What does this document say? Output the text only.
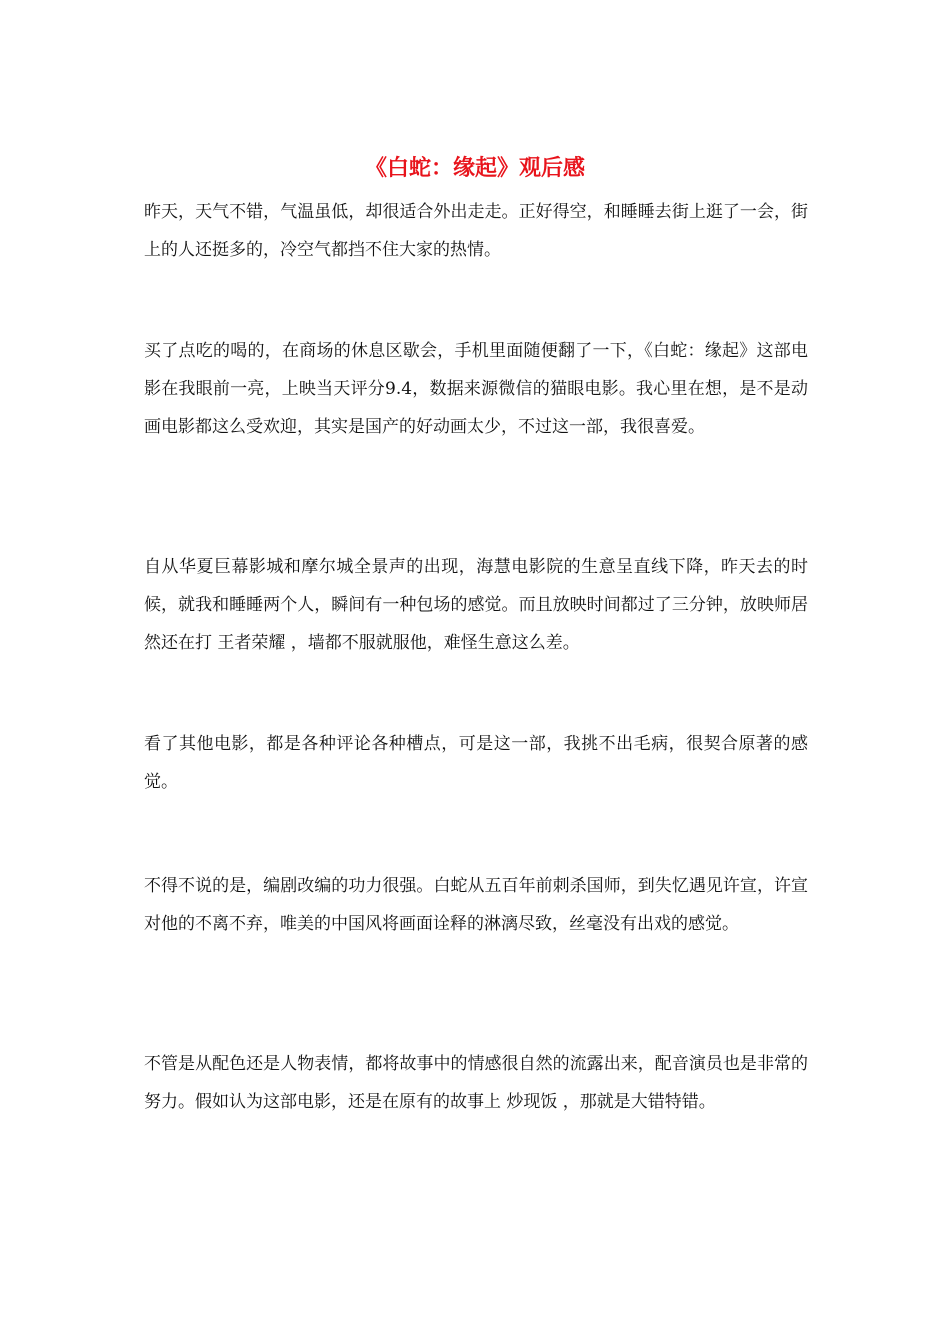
《白蛇：缘起》观后感

昨天，天气不错，气温虽低，却很适合外出走走。正好得空，和睡睡去街上逛了一会，街上的人还挺多的，冷空气都挡不住大家的热情。

买了点吃的喝的，在商场的休息区歇会，手机里面随便翻了一下，《白蛇：缘起》这部电影在我眼前一亮，上映当天评分9.4，数据来源微信的猫眼电影。我心里在想，是不是动画电影都这么受欢迎，其实是国产的好动画太少，不过这一部，我很喜爱。

自从华夏巨幕影城和摩尔城全景声的出现，海慧电影院的生意呈直线下降，昨天去的时候，就我和睡睡两个人，瞬间有一种包场的感觉。而且放映时间都过了三分钟，放映师居然还在打 王者荣耀 ，墙都不服就服他，难怪生意这么差。

看了其他电影，都是各种评论各种槽点，可是这一部，我挑不出毛病，很契合原著的感觉。

不得不说的是，编剧改编的功力很强。白蛇从五百年前刺杀国师，到失忆遇见许宣，许宣对他的不离不弃，唯美的中国风将画面诠释的淋漓尽致，丝毫没有出戏的感觉。

不管是从配色还是人物表情，都将故事中的情感很自然的流露出来，配音演员也是非常的努力。假如认为这部电影，还是在原有的故事上 炒现饭 ，那就是大错特错。
